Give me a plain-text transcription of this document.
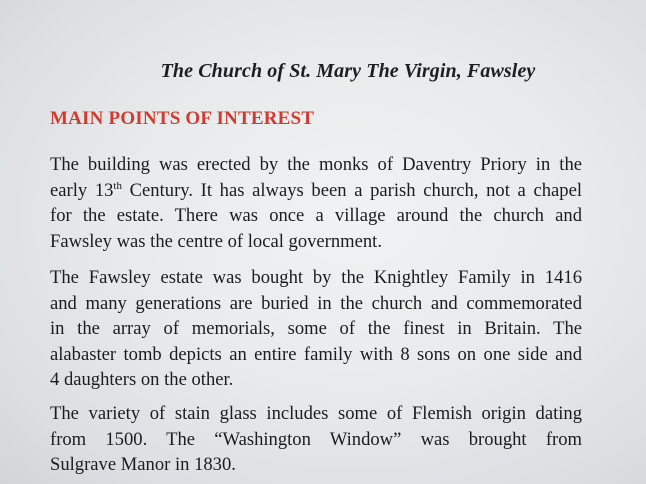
The Church of St. Mary The Virgin, Fawsley
MAIN POINTS OF INTEREST
The building was erected by the monks of Daventry Priory in the
early 13th Century. It has always been a parish church, not a chapel
for the estate. There was once a village around the church and
Fawsley was the centre of local government.
The Fawsley estate was bought by the Knightley Family in 1416
and many generations are buried in the church and commemorated
in the array of memorials, some of the finest in Britain. The
alabaster tomb depicts an entire family with 8 sons on one side and
4 daughters on the other.
The variety of stain glass includes some of Flemish origin dating
from 1500. The “Washington Window” was brought from
Sulgrave Manor in 1830.
